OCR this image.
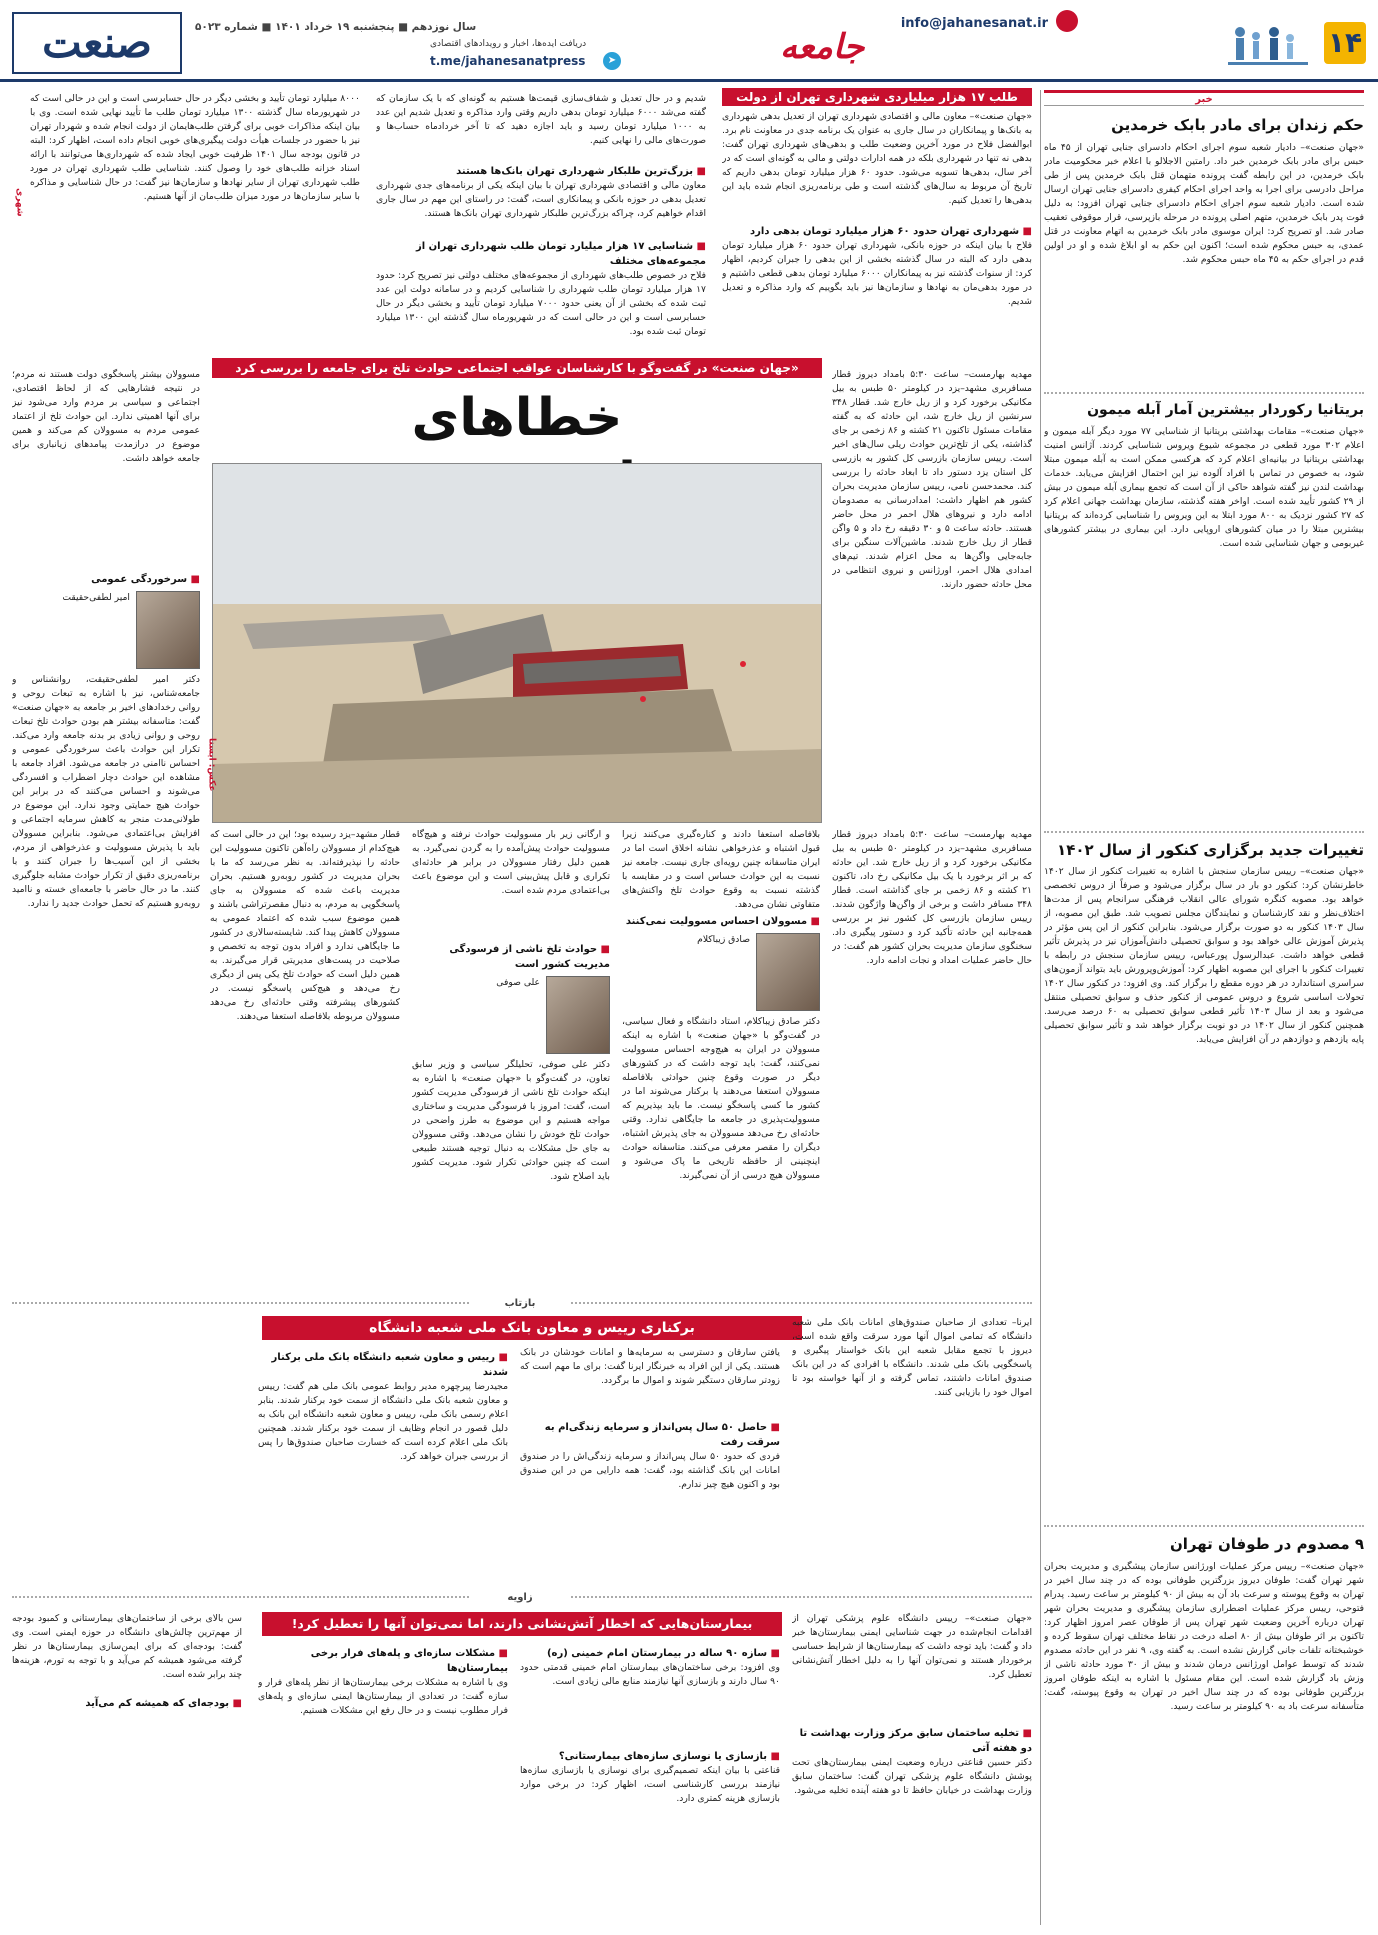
۱۴
info@jahanesanat.ir
جامعه
دریافت ایده‌ها، اخبار و رویدادهای اقتصادی
t.me/jahanesanatpress	➤
سال نوزدهم ■ پنجشنبه ۱۹ خرداد ۱۴۰۱ ■ شماره ۵۰۲۳
صنعت
خبر
حکم زندان برای مادر بابک خرمدین
«جهان صنعت»– دادیار شعبه سوم اجرای احکام دادسرای جنایی تهران از ۴۵ ماه حبس برای مادر بابک خرمدین خبر داد. رامتین الاجلالو با اعلام خبر محکومیت مادر بابک خرمدین، در این رابطه گفت پرونده متهمان قتل بابک خرمدین پس از طی مراحل دادرسی برای اجرا به واحد اجرای احکام کیفری دادسرای جنایی تهران ارسال شده است. دادیار شعبه سوم اجرای احکام دادسرای جنایی تهران افزود: به دلیل فوت پدر بابک خرمدین، متهم اصلی پرونده در مرحله بازپرسی، قرار موقوفی تعقیب صادر شد. او تصریح کرد: ایران موسوی مادر بابک خرمدین به اتهام معاونت در قتل عمدی، به حبس محکوم شده است؛ اکنون این حکم به او ابلاغ شده و او در اولین قدم در اجرای حکم به ۴۵ ماه حبس محکوم شد.
بریتانیا رکوردار بیشترین آمار آبله میمون
«جهان صنعت»– مقامات بهداشتی بریتانیا از شناسایی ۷۷ مورد دیگر آبله میمون و اعلام ۳۰۲ مورد قطعی در مجموعه شیوع ویروس شناسایی کردند. آژانس امنیت بهداشتی بریتانیا در بیانیه‌ای اعلام کرد که هرکسی ممکن است به آبله میمون مبتلا شود، به خصوص در تماس با افراد آلوده نیز این احتمال افزایش می‌یابد. خدمات بهداشت لندن نیز گفته شواهد حاکی از آن است که تجمع بیماری آبله میمون در بیش از ۲۹ کشور تأیید شده است. اواخر هفته گذشته، سازمان بهداشت جهانی اعلام کرد که ۲۷ کشور نزدیک به ۸۰۰ مورد ابتلا به این ویروس را شناسایی کرده‌اند که بریتانیا بیشترین مبتلا را در میان کشورهای اروپایی دارد. این بیماری در بیشتر کشورهای غیربومی و جهان شناسایی شده است.
تغییرات جدید برگزاری کنکور از سال ۱۴۰۲
«جهان صنعت»– رییس سازمان سنجش با اشاره به تغییرات کنکور از سال ۱۴۰۲ خاطرنشان کرد: کنکور دو بار در سال برگزار می‌شود و صرفاً از دروس تخصصی خواهد بود. مصوبه کنگره شورای عالی انقلاب فرهنگی سرانجام پس از مدت‌ها اختلاف‌نظر و نقد کارشناسان و نمایندگان مجلس تصویب شد. طبق این مصوبه، از سال ۱۴۰۳ کنکور به دو صورت برگزار می‌شود. بنابراین کنکور از این پس مؤثر در پذیرش آموزش عالی خواهد بود و سوابق تحصیلی دانش‌آموزان نیز در پذیرش تأثیر قطعی خواهد داشت. عبدالرسول پورعباس، رییس سازمان سنجش در رابطه با تغییرات کنکور با اجرای این مصوبه اظهار کرد: آموزش‌وپرورش باید بتواند آزمون‌های سراسری استاندارد در هر دوره مقطع را برگزار کند. وی افزود: در کنکور سال ۱۴۰۲ تحولات اساسی شروع و دروس عمومی از کنکور حذف و سوابق تحصیلی منتقل می‌شود و بعد از سال ۱۴۰۳ تأثیر قطعی سوابق تحصیلی به ۶۰ درصد می‌رسد. همچنین کنکور از سال ۱۴۰۲ در دو نوبت برگزار خواهد شد و تأثیر سوابق تحصیلی پایه یازدهم و دوازدهم در آن افزایش می‌یابد.
۹ مصدوم در طوفان تهران
«جهان صنعت»– رییس مرکز عملیات اورژانس سازمان پیشگیری و مدیریت بحران شهر تهران گفت: طوفان دیروز بزرگترین طوفانی بوده که در چند سال اخیر در تهران به وقوع پیوسته و سرعت باد آن به بیش از ۹۰ کیلومتر بر ساعت رسید. پدرام فتوحی، رییس مرکز عملیات اضطراری سازمان پیشگیری و مدیریت بحران شهر تهران درباره آخرین وضعیت شهر تهران پس از طوفان عصر امروز اظهار کرد: تاکنون بر اثر طوفان بیش از ۸۰ اصله درخت در نقاط مختلف تهران سقوط کرده و خوشبختانه تلفات جانی گزارش نشده است. به گفته وی، ۹ نفر در این حادثه مصدوم شدند که توسط عوامل اورژانس درمان شدند و بیش از ۳۰ مورد حادثه ناشی از وزش باد گزارش شده است. این مقام مسئول با اشاره به اینکه طوفان امروز بزرگترین طوفانی بوده که در چند سال اخیر در تهران به وقوع پیوسته، گفت: متأسفانه سرعت باد به ۹۰ کیلومتر بر ساعت رسید.
طلب ۱۷ هزار میلیاردی شهرداری تهران از دولت
شهری
«جهان صنعت»– معاون مالی و اقتصادی شهرداری تهران از تعدیل بدهی شهرداری به بانک‌ها و پیمانکاران در سال جاری به عنوان یک برنامه جدی در معاونت نام برد. ابوالفضل فلاح در مورد آخرین وضعیت طلب و بدهی‌های شهرداری تهران گفت: بدهی نه تنها در شهرداری بلکه در همه ادارات دولتی و مالی به گونه‌ای است که در آخر سال، بدهی‌ها تسویه می‌شود. حدود ۶۰ هزار میلیارد تومان بدهی داریم که تاریخ آن مربوط به سال‌های گذشته است و طی برنامه‌ریزی انجام شده باید این بدهی‌ها را تعدیل کنیم.
■ شهرداری تهران حدود ۶۰ هزار میلیارد تومان بدهی دارد
فلاح با بیان اینکه در حوزه بانکی، شهرداری تهران حدود ۶۰ هزار میلیارد تومان بدهی دارد که البته در سال گذشته بخشی از این بدهی را جبران کردیم، اظهار کرد: از سنوات گذشته نیز به پیمانکاران ۶۰۰۰ میلیارد تومان بدهی قطعی داشتیم و در مورد بدهی‌مان به نهادها و سازمان‌ها نیز باید بگوییم که وارد مذاکره و تعدیل شدیم.
شدیم و در حال تعدیل و شفاف‌سازی قیمت‌ها هستیم به گونه‌ای که با یک سازمان که گفته می‌شد ۶۰۰۰ میلیارد تومان بدهی داریم وقتی وارد مذاکره و تعدیل شدیم این عدد به ۱۰۰۰ میلیارد تومان رسید و باید اجازه دهید که تا آخر خردادماه حساب‌ها و صورت‌های مالی را نهایی کنیم.
■ بزرگ‌ترین طلبکار شهرداری تهران بانک‌ها هستند
معاون مالی و اقتصادی شهرداری تهران با بیان اینکه یکی از برنامه‌های جدی شهرداری تعدیل بدهی در حوزه بانکی و پیمانکاری است، گفت: در راستای این مهم در سال جاری اقدام خواهیم کرد، چراکه بزرگ‌ترین طلبکار شهرداری تهران بانک‌ها هستند.
■ شناسایی ۱۷ هزار میلیارد تومان طلب شهرداری تهران از مجموعه‌های مختلف
فلاح در خصوص طلب‌های شهرداری از مجموعه‌های مختلف دولتی نیز تصریح کرد: حدود ۱۷ هزار میلیارد تومان طلب شهرداری را شناسایی کردیم و در سامانه دولت این عدد ثبت شده که بخشی از آن یعنی حدود ۷۰۰۰ میلیارد تومان تأیید و بخشی دیگر در حال حسابرسی است و این در حالی است که در شهریورماه سال گذشته این ۱۳۰۰ میلیارد تومان ثبت شده بود.
۸۰۰۰ میلیارد تومان تأیید و بخشی دیگر در حال حسابرسی است و این در حالی است که در شهریورماه سال گذشته ۱۳۰۰ میلیارد تومان طلب ما تأیید نهایی شده است. وی با بیان اینکه مذاکرات خوبی برای گرفتن طلب‌هایمان از دولت انجام شده و شهردار تهران نیز با حضور در جلسات هیأت دولت پیگیری‌های خوبی انجام داده است، اظهار کرد: البته در قانون بودجه سال ۱۴۰۱ ظرفیت خوبی ایجاد شده که شهرداری‌ها می‌توانند با ارائه اسناد خزانه طلب‌های خود را وصول کنند. شناسایی طلب شهرداری تهران در مورد طلب شهرداری تهران از سایر نهادها و سازمان‌ها نیز گفت: در حال شناسایی و مذاکره با سایر سازمان‌ها در مورد میزان طلب‌مان از آنها هستیم.
«جهان صنعت» در گفت‌وگو با کارشناسان عواقب اجتماعی حوادث تلخ برای جامعه را بررسی کرد
خطاهای
مهدیه بهارمست– ساعت ۵:۳۰ بامداد دیروز قطار مسافربری مشهد–یزد در کیلومتر ۵۰ طبس به بیل مکانیکی برخورد کرد و از ریل خارج شد. قطار ۳۴۸ سرنشین از ریل خارج شد، این حادثه که به گفته مقامات مسئول تاکنون ۲۱ کشته و ۸۶ زخمی بر جای گذاشته، یکی از تلخ‌ترین حوادث ریلی سال‌های اخیر است. رییس سازمان بازرسی کل کشور به بازرسی کل استان یزد دستور داد تا ابعاد حادثه را بررسی کند. محمدحسن نامی، رییس سازمان مدیریت بحران کشور هم اظهار داشت: امدادرسانی به مصدومان ادامه دارد و نیروهای هلال احمر در محل حاضر هستند. حادثه ساعت ۵ و ۳۰ دقیقه رخ داد و ۵ واگن قطار از ریل خارج شدند. ماشین‌آلات سنگین برای جابه‌جایی واگن‌ها به محل اعزام شدند. تیم‌های امدادی هلال احمر، اورژانس و نیروی انتظامی در محل حادثه حضور دارند.
عکس: ایسنا
مسوولان بیشتر پاسخگوی دولت هستند نه مردم؛ در نتیجه فشارهایی که از لحاظ اقتصادی، اجتماعی و سیاسی بر مردم وارد می‌شود نیز برای آنها اهمیتی ندارد. این حوادث تلخ از اعتماد عمومی مردم به مسوولان کم می‌کند و همین موضوع در درازمدت پیامدهای زیانباری برای جامعه خواهد داشت.
■ سرخوردگی عمومی
امیر لطفی‌حقیقت
دکتر امیر لطفی‌حقیقت، روانشناس و جامعه‌شناس، نیز با اشاره به تبعات روحی و روانی رخدادهای اخیر بر جامعه به «جهان صنعت» گفت: متاسفانه بیشتر هم بودن حوادث تلخ تبعات روحی و روانی زیادی بر بدنه جامعه وارد می‌کند. تکرار این حوادث باعث سرخوردگی عمومی و احساس ناامنی در جامعه می‌شود. افراد جامعه با مشاهده این حوادث دچار اضطراب و افسردگی می‌شوند و احساس می‌کنند که در برابر این حوادث هیچ حمایتی وجود ندارد. این موضوع در طولانی‌مدت منجر به کاهش سرمایه اجتماعی و افزایش بی‌اعتمادی می‌شود. بنابراین مسوولان باید با پذیرش مسوولیت و عذرخواهی از مردم، بخشی از این آسیب‌ها را جبران کنند و با برنامه‌ریزی دقیق از تکرار حوادث مشابه جلوگیری کنند. ما در حال حاضر با جامعه‌ای خسته و ناامید روبه‌رو هستیم که تحمل حوادث جدید را ندارد.
مهدیه بهارمست– ساعت ۵:۳۰ بامداد دیروز قطار مسافربری مشهد–یزد در کیلومتر ۵۰ طبس به بیل مکانیکی برخورد کرد و از ریل خارج شد. این حادثه که بر اثر برخورد با یک بیل مکانیکی رخ داد، تاکنون ۲۱ کشته و ۸۶ زخمی بر جای گذاشته است. قطار ۳۴۸ مسافر داشت و برخی از واگن‌ها واژگون شدند. رییس سازمان بازرسی کل کشور نیز بر بررسی همه‌جانبه این حادثه تأکید کرد و دستور پیگیری داد. سخنگوی سازمان مدیریت بحران کشور هم گفت: در حال حاضر عملیات امداد و نجات ادامه دارد.
بلافاصله استعفا دادند و کناره‌گیری می‌کنند زیرا قبول اشتباه و عذرخواهی نشانه اخلاق است اما در ایران متاسفانه چنین رویه‌ای جاری نیست. جامعه نیز نسبت به این حوادث حساس است و در مقایسه با گذشته نسبت به وقوع حوادث تلخ واکنش‌های متفاوتی نشان می‌دهد.
■ مسوولان احساس مسوولیت نمی‌کنند
صادق زیباکلام
دکتر صادق زیباکلام، استاد دانشگاه و فعال سیاسی، در گفت‌وگو با «جهان صنعت» با اشاره به اینکه مسوولان در ایران به هیچ‌وجه احساس مسوولیت نمی‌کنند، گفت: باید توجه داشت که در کشورهای دیگر در صورت وقوع چنین حوادثی بلافاصله مسوولان استعفا می‌دهند یا برکنار می‌شوند اما در کشور ما کسی پاسخگو نیست. ما باید بپذیریم که مسوولیت‌پذیری در جامعه ما جایگاهی ندارد. وقتی حادثه‌ای رخ می‌دهد مسوولان به جای پذیرش اشتباه، دیگران را مقصر معرفی می‌کنند. متاسفانه حوادث اینچنینی از حافظه تاریخی ما پاک می‌شود و مسوولان هیچ درسی از آن نمی‌گیرند.
و ارگانی زیر بار مسوولیت حوادث نرفته و هیچ‌گاه مسوولیت حوادث پیش‌آمده را به گردن نمی‌گیرد. به همین دلیل رفتار مسوولان در برابر هر حادثه‌ای تکراری و قابل پیش‌بینی است و این موضوع باعث بی‌اعتمادی مردم شده است.
■ حوادث تلخ ناشی از فرسودگی مدیریت کشور است
علی صوفی
دکتر علی صوفی، تحلیلگر سیاسی و وزیر سابق تعاون، در گفت‌وگو با «جهان صنعت» با اشاره به اینکه حوادث تلخ ناشی از فرسودگی مدیریت کشور است، گفت: امروز با فرسودگی مدیریت و ساختاری مواجه هستیم و این موضوع به طرز واضحی در حوادث تلخ خودش را نشان می‌دهد. وقتی مسوولان به جای حل مشکلات به دنبال توجیه هستند طبیعی است که چنین حوادثی تکرار شود. مدیریت کشور باید اصلاح شود.
قطار مشهد–یزد رسیده بود؛ این در حالی است که هیچ‌کدام از مسوولان راه‌آهن تاکنون مسوولیت این حادثه را نپذیرفته‌اند. به نظر می‌رسد که ما با بحران مدیریت در کشور روبه‌رو هستیم. بحران مدیریت باعث شده که مسوولان به جای پاسخگویی به مردم، به دنبال مقصرتراشی باشند و همین موضوع سبب شده که اعتماد عمومی به مسوولان کاهش پیدا کند. شایسته‌سالاری در کشور ما جایگاهی ندارد و افراد بدون توجه به تخصص و صلاحیت در پست‌های مدیریتی قرار می‌گیرند. به همین دلیل است که حوادث تلخ یکی پس از دیگری رخ می‌دهد و هیچ‌کس پاسخگو نیست. در کشورهای پیشرفته وقتی حادثه‌ای رخ می‌دهد مسوولان مربوطه بلافاصله استعفا می‌دهند.
بازتاب
برکناری رییس و معاون بانک ملی شعبه دانشگاه	ایرنا– تعدادی از صاحبان صندوق‌های امانات بانک ملی شعبه دانشگاه که تمامی اموال آنها مورد سرقت واقع شده است، دیروز با تجمع مقابل شعبه این بانک خواستار پیگیری و پاسخگویی بانک ملی شدند. دانشگاه با افرادی که در این بانک صندوق امانات داشتند، تماس گرفته و از آنها خواسته بود تا اموال خود را بازیابی کنند.
یافتن سارقان و دسترسی به سرمایه‌ها و امانات خودشان در بانک هستند. یکی از این افراد به خبرنگار ایرنا گفت: برای ما مهم است که زودتر سارقان دستگیر شوند و اموال ما برگردد.
■ حاصل ۵۰ سال پس‌انداز و سرمایه زندگی‌ام به سرقت رفت
فردی که حدود ۵۰ سال پس‌انداز و سرمایه زندگی‌اش را در صندوق امانات این بانک گذاشته بود، گفت: همه دارایی من در این صندوق بود و اکنون هیچ چیز ندارم.
■ رییس و معاون شعبه دانشگاه بانک ملی برکنار شدند
مجیدرضا پیرچهره مدیر روابط عمومی بانک ملی هم گفت: رییس و معاون شعبه بانک ملی دانشگاه از سمت خود برکنار شدند. بنابر اعلام رسمی بانک ملی، رییس و معاون شعبه دانشگاه این بانک به دلیل قصور در انجام وظایف از سمت خود برکنار شدند. همچنین بانک ملی اعلام کرده است که خسارت صاحبان صندوق‌ها را پس از بررسی جبران خواهد کرد.
زاویه
بیمارستان‌هایی که اخطار آتش‌نشانی دارند، اما نمی‌توان آنها را تعطیل کرد!	«جهان صنعت»– رییس دانشگاه علوم پزشکی تهران از اقدامات انجام‌شده در جهت شناسایی ایمنی بیمارستان‌ها خبر داد و گفت: باید توجه داشت که بیمارستان‌ها از شرایط حساسی برخوردار هستند و نمی‌توان آنها را به دلیل اخطار آتش‌نشانی تعطیل کرد.
■ تخلیه ساختمان سابق مرکز وزارت بهداشت تا دو هفته آتی
دکتر حسین قناعتی درباره وضعیت ایمنی بیمارستان‌های تحت پوشش دانشگاه علوم پزشکی تهران گفت: ساختمان سابق وزارت بهداشت در خیابان حافظ تا دو هفته آینده تخلیه می‌شود.
■ سازه ۹۰ ساله در بیمارستان امام خمینی (ره)
وی افزود: برخی ساختمان‌های بیمارستان امام خمینی قدمتی حدود ۹۰ سال دارند و بازسازی آنها نیازمند منابع مالی زیادی است.
■ بازسازی یا نوسازی سازه‌های بیمارستانی؟
قناعتی با بیان اینکه تصمیم‌گیری برای نوسازی یا بازسازی سازه‌ها نیازمند بررسی کارشناسی است، اظهار کرد: در برخی موارد بازسازی هزینه کمتری دارد.
■ مشکلات سازه‌ای و پله‌های فرار برخی بیمارستان‌ها
وی با اشاره به مشکلات برخی بیمارستان‌ها از نظر پله‌های فرار و سازه گفت: در تعدادی از بیمارستان‌ها ایمنی سازه‌ای و پله‌های فرار مطلوب نیست و در حال رفع این مشکلات هستیم.
سن بالای برخی از ساختمان‌های بیمارستانی و کمبود بودجه از مهم‌ترین چالش‌های دانشگاه در حوزه ایمنی است. وی گفت: بودجه‌ای که برای ایمن‌سازی بیمارستان‌ها در نظر گرفته می‌شود همیشه کم می‌آید و با توجه به تورم، هزینه‌ها چند برابر شده است.
■ بودجه‌ای که همیشه کم می‌آید
